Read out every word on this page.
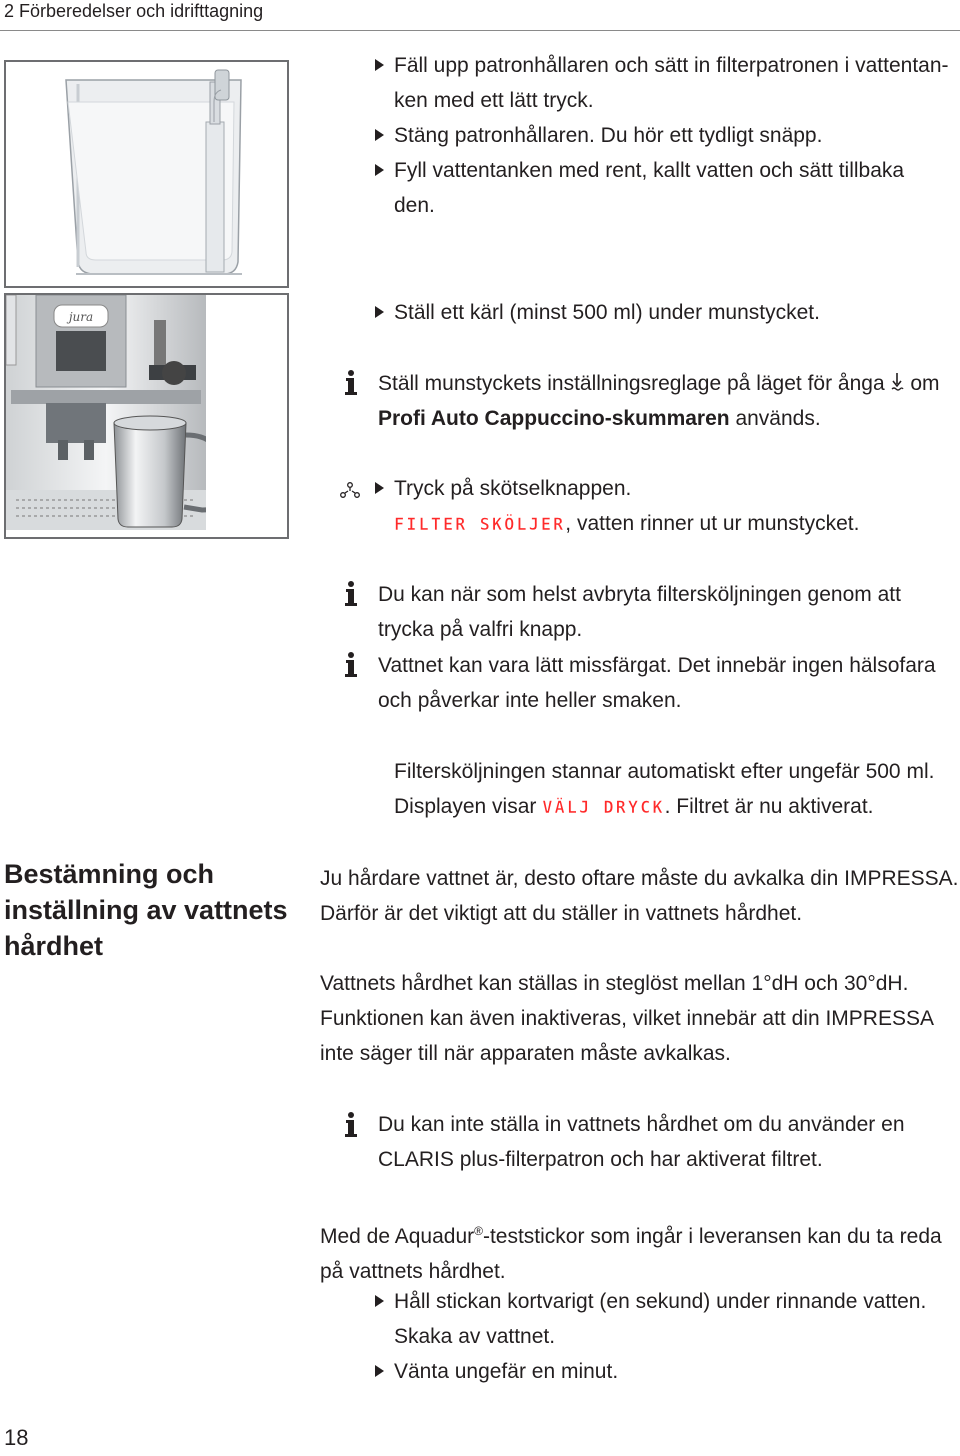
2 Förberedelser och idrifttagning
jura
Fäll upp patronhållaren och sätt in filterpatronen i vattentan-
ken med ett lätt tryck.
Stäng patronhållaren. Du hör ett tydligt snäpp.
Fyll vattentanken med rent, kallt vatten och sätt tillbaka
den.
Ställ ett kärl (minst 500 ml) under munstycket.
Ställ munstyckets inställningsreglage på läget för ånga om
Profi Auto Cappuccino-skummaren används.
Tryck på skötselknappen.
FILTER SKÖLJER, vatten rinner ut ur munstycket.
Du kan när som helst avbryta filtersköljningen genom att
trycka på valfri knapp.
Vattnet kan vara lätt missfärgat. Det innebär ingen hälsofara
och påverkar inte heller smaken.
Filtersköljningen stannar automatiskt efter ungefär 500 ml.
Displayen visar VÄLJ DRYCK. Filtret är nu aktiverat.
Bestämning och inställning av vattnets hårdhet
Ju hårdare vattnet är, desto oftare måste du avkalka din IMPRESSA.
Därför är det viktigt att du ställer in vattnets hårdhet.
Vattnets hårdhet kan ställas in steglöst mellan 1°dH och 30°dH.
Funktionen kan även inaktiveras, vilket innebär att din IMPRESSA
inte säger till när apparaten måste avkalkas.
Du kan inte ställa in vattnets hårdhet om du använder en
CLARIS plus-filterpatron och har aktiverat filtret.
Med de Aquadur®-teststickor som ingår i leveransen kan du ta reda
på vattnets hårdhet.
Håll stickan kortvarigt (en sekund) under rinnande vatten.
Skaka av vattnet.
Vänta ungefär en minut.
18
